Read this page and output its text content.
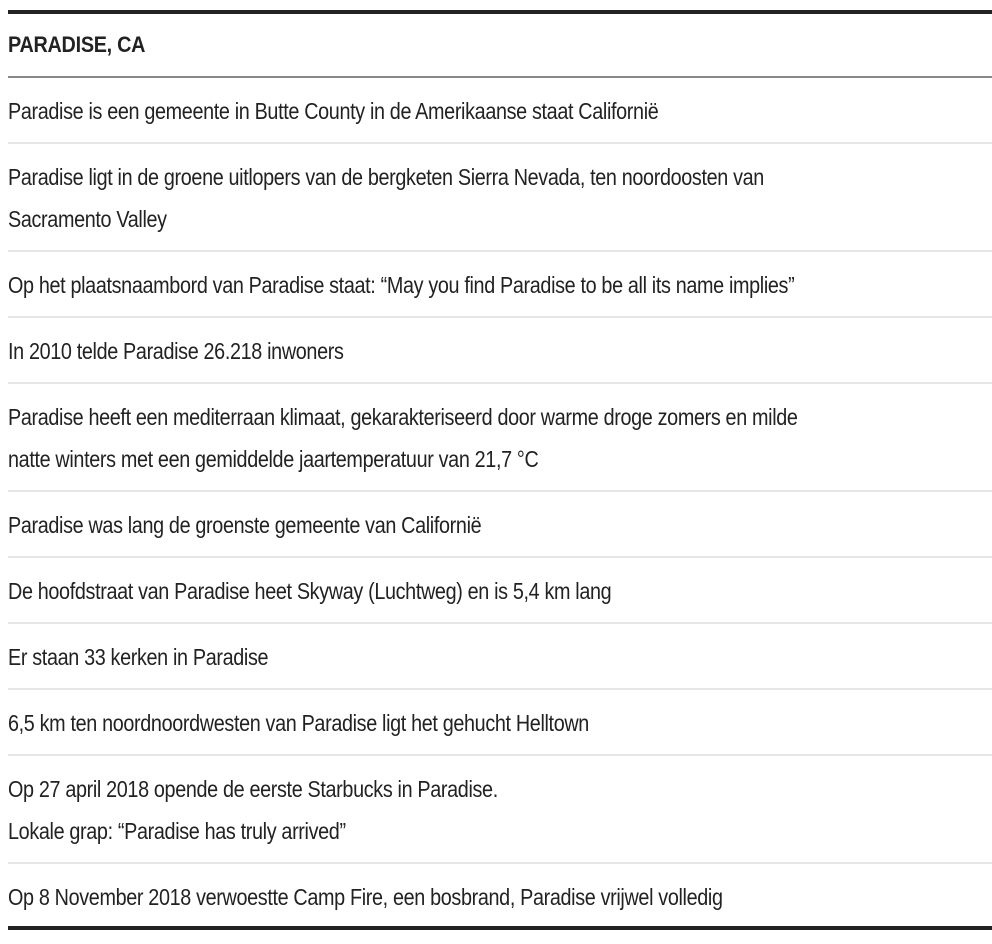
PARADISE, CA
Paradise is een gemeente in Butte County in de Amerikaanse staat Californië
Paradise ligt in de groene uitlopers van de bergketen Sierra Nevada, ten noordoosten van
Sacramento Valley
Op het plaatsnaambord van Paradise staat: “May you find Paradise to be all its name implies”
In 2010 telde Paradise 26.218 inwoners
Paradise heeft een mediterraan klimaat, gekarakteriseerd door warme droge zomers en milde
natte winters met een gemiddelde jaartemperatuur van 21,7 °C
Paradise was lang de groenste gemeente van Californië
De hoofdstraat van Paradise heet Skyway (Luchtweg) en is 5,4 km lang
Er staan 33 kerken in Paradise
6,5 km ten noordnoordwesten van Paradise ligt het gehucht Helltown
Op 27 april 2018 opende de eerste Starbucks in Paradise.
Lokale grap: “Paradise has truly arrived”
Op 8 November 2018 verwoestte Camp Fire, een bosbrand, Paradise vrijwel volledig
